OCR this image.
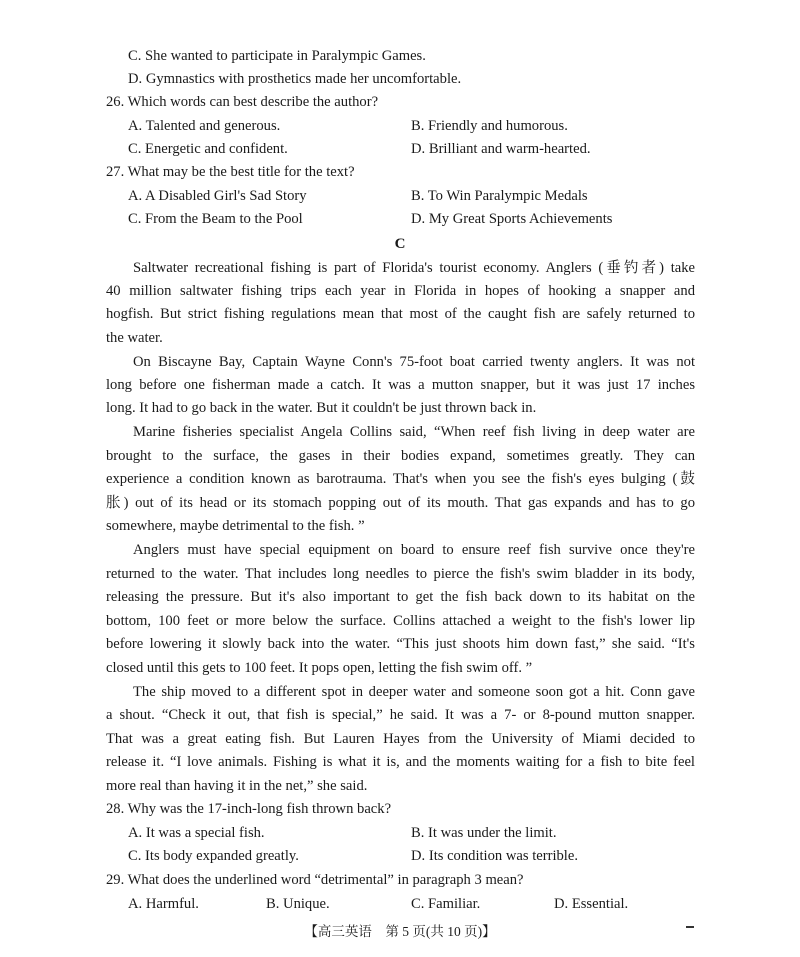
C. She wanted to participate in Paralympic Games.
D. Gymnastics with prosthetics made her uncomfortable.
26. Which words can best describe the author?
A. Talented and generous.	B. Friendly and humorous.
C. Energetic and confident.	D. Brilliant and warm-hearted.
27. What may be the best title for the text?
A. A Disabled Girl's Sad Story	B. To Win Paralympic Medals
C. From the Beam to the Pool	D. My Great Sports Achievements
C
Saltwater recreational fishing is part of Florida's tourist economy. Anglers (垂钓者) take
40 million saltwater fishing trips each year in Florida in hopes of hooking a snapper and
hogfish. But strict fishing regulations mean that most of the caught fish are safely returned to
the water.
On Biscayne Bay, Captain Wayne Conn's 75-foot boat carried twenty anglers. It was not
long before one fisherman made a catch. It was a mutton snapper, but it was just 17 inches
long. It had to go back in the water. But it couldn't be just thrown back in.
Marine fisheries specialist Angela Collins said, “When reef fish living in deep water are
brought to the surface, the gases in their bodies expand, sometimes greatly. They can
experience a condition known as barotrauma. That's when you see the fish's eyes bulging (鼓
胀) out of its head or its stomach popping out of its mouth. That gas expands and has to go
somewhere, maybe detrimental to the fish. ”
Anglers must have special equipment on board to ensure reef fish survive once they're
returned to the water. That includes long needles to pierce the fish's swim bladder in its body,
releasing the pressure. But it's also important to get the fish back down to its habitat on the
bottom, 100 feet or more below the surface. Collins attached a weight to the fish's lower lip
before lowering it slowly back into the water. “This just shoots him down fast,” she said. “It's
closed until this gets to 100 feet. It pops open, letting the fish swim off. ”
The ship moved to a different spot in deeper water and someone soon got a hit. Conn gave
a shout. “Check it out, that fish is special,” he said. It was a 7- or 8-pound mutton snapper.
That was a great eating fish. But Lauren Hayes from the University of Miami decided to
release it. “I love animals. Fishing is what it is, and the moments waiting for a fish to bite feel
more real than having it in the net,” she said.
28. Why was the 17-inch-long fish thrown back?
A. It was a special fish.	B. It was under the limit.
C. Its body expanded greatly.	D. Its condition was terrible.
29. What does the underlined word “detrimental” in paragraph 3 mean?
A. Harmful.	B. Unique.	C. Familiar.	D. Essential.
【高三英语　第 5 页(共 10 页)】
